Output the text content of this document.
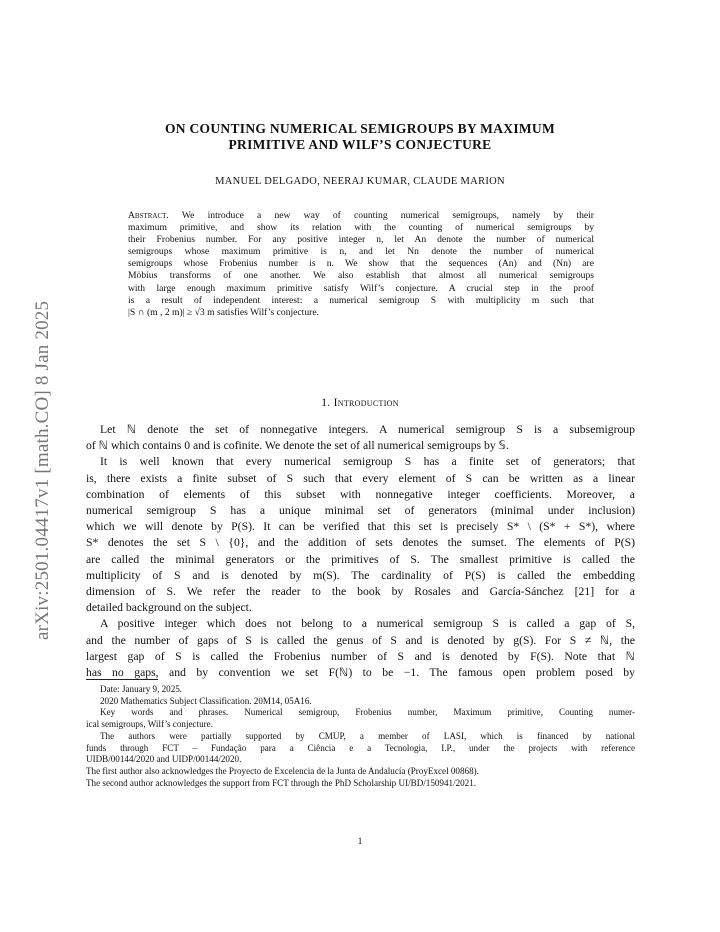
arXiv:2501.04417v1 [math.CO] 8 Jan 2025
ON COUNTING NUMERICAL SEMIGROUPS BY MAXIMUM
PRIMITIVE AND WILF’S CONJECTURE
MANUEL DELGADO, NEERAJ KUMAR, CLAUDE MARION
Abstract. We introduce a new way of counting numerical semigroups, namely by their
maximum primitive, and show its relation with the counting of numerical semigroups by
their Frobenius number. For any positive integer n, let An denote the number of numerical
semigroups whose maximum primitive is n, and let Nn denote the number of numerical
semigroups whose Frobenius number is n. We show that the sequences (An) and (Nn) are
Möbius transforms of one another. We also establish that almost all numerical semigroups
with large enough maximum primitive satisfy Wilf’s conjecture. A crucial step in the proof
is a result of independent interest: a numerical semigroup S with multiplicity m such that
|S ∩ (m , 2 m)| ≥ √3 m satisfies Wilf’s conjecture.
1. Introduction
Let ℕ denote the set of nonnegative integers. A numerical semigroup S is a subsemigroup
of ℕ which contains 0 and is cofinite. We denote the set of all numerical semigroups by 𝕊.
It is well known that every numerical semigroup S has a finite set of generators; that
is, there exists a finite subset of S such that every element of S can be written as a linear
combination of elements of this subset with nonnegative integer coefficients. Moreover, a
numerical semigroup S has a unique minimal set of generators (minimal under inclusion)
which we will denote by P(S). It can be verified that this set is precisely S* \ (S* + S*), where
S* denotes the set S \ {0}, and the addition of sets denotes the sumset. The elements of P(S)
are called the minimal generators or the primitives of S. The smallest primitive is called the
multiplicity of S and is denoted by m(S). The cardinality of P(S) is called the embedding
dimension of S. We refer the reader to the book by Rosales and García-Sánchez [21] for a
detailed background on the subject.
A positive integer which does not belong to a numerical semigroup S is called a gap of S,
and the number of gaps of S is called the genus of S and is denoted by g(S). For S ≠ ℕ, the
largest gap of S is called the Frobenius number of S and is denoted by F(S). Note that ℕ
has no gaps, and by convention we set F(ℕ) to be −1. The famous open problem posed by
Date: January 9, 2025.
2020 Mathematics Subject Classification. 20M14, 05A16.
Key words and phrases. Numerical semigroup, Frobenius number, Maximum primitive, Counting numer-
ical semigroups, Wilf’s conjecture.
The authors were partially supported by CMUP, a member of LASI, which is financed by national
funds through FCT – Fundação para a Ciência e a Tecnologia, I.P., under the projects with reference
UIDB/00144/2020 and UIDP/00144/2020.
The first author also acknowledges the Proyecto de Excelencia de la Junta de Andalucía (ProyExcel 00868).
The second author acknowledges the support from FCT through the PhD Scholarship UI/BD/150941/2021.
1
